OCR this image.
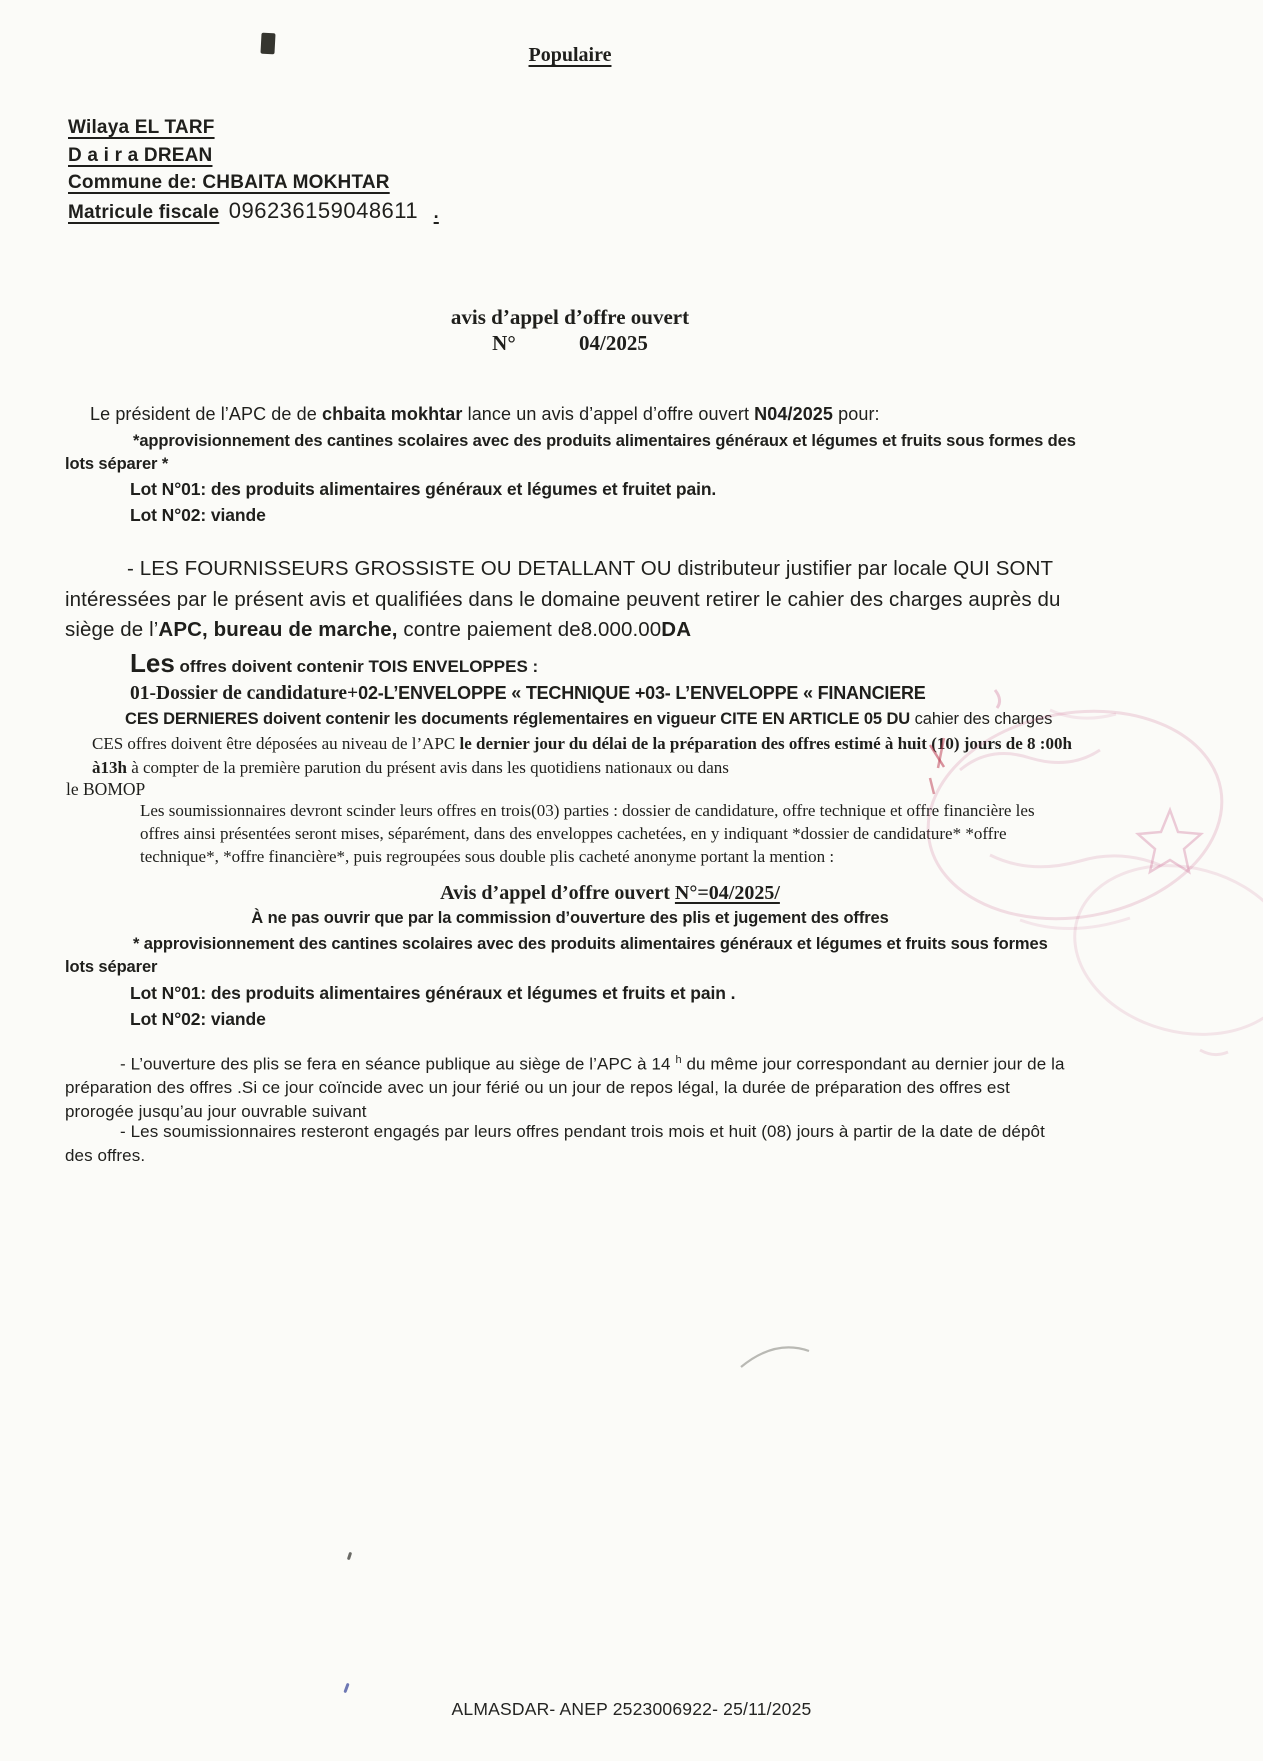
Populaire
Wilaya EL TARF
D a i r a DREAN
Commune de: CHBAITA MOKHTAR
Matricule fiscale 096236159048611 .
avis d’appel d’offre ouvert
N°	04/2025

Le président de l’APC de de chbaita mokhtar lance un avis d’appel d’offre ouvert N04/2025 pour:

*approvisionnement des cantines scolaires avec des produits alimentaires généraux et légumes et fruits sous formes des lots séparer *

Lot N°01: des produits alimentaires généraux et légumes et fruitet pain.
Lot N°02: viande

- LES FOURNISSEURS GROSSISTE OU DETALLANT OU distributeur justifier par locale QUI SONT intéressées par le présent avis et qualifiées dans le domaine peuvent retirer le cahier des charges auprès du siège de l’APC, bureau de marche, contre paiement de8.000.00DA

Les offres doivent contenir TOIS ENVELOPPES :
01-Dossier de candidature+02-L’ENVELOPPE « TECHNIQUE +03- L’ENVELOPPE « FINANCIERE

CES DERNIERES doivent contenir les documents réglementaires en vigueur CITE EN ARTICLE 05 DU cahier des charges

CES offres doivent être déposées au niveau de l’APC le dernier jour du délai de la préparation des offres estimé à huit (10) jours de 8 :00h à13h à compter de la première parution du présent avis dans les quotidiens nationaux ou dans

le BOMOP

Les soumissionnaires devront scinder leurs offres en trois(03) parties : dossier de candidature, offre technique et offre financière les offres ainsi présentées seront mises, séparément, dans des enveloppes cachetées, en y indiquant *dossier de candidature* *offre technique*, *offre financière*, puis regroupées sous double plis cacheté anonyme portant la mention :

Avis d’appel d’offre ouvert N°=04/2025/
À ne pas ouvrir que par la commission d’ouverture des plis et jugement des offres

* approvisionnement des cantines scolaires avec des produits alimentaires généraux et légumes et fruits sous formes lots séparer

Lot N°01: des produits alimentaires généraux et légumes et fruits et pain .
Lot N°02: viande

- L’ouverture des plis se fera en séance publique au siège de l’APC à 14 $^h$ du même jour correspondant au dernier jour de la préparation des offres .Si ce jour coïncide avec un jour férié ou un jour de repos légal, la durée de préparation des offres est prorogée jusqu’au jour ouvrable suivant

- Les soumissionnaires resteront engagés par leurs offres pendant trois mois et huit (08) jours à partir de la date de dépôt des offres.

ALMASDAR- ANEP 2523006922- 25/11/2025
